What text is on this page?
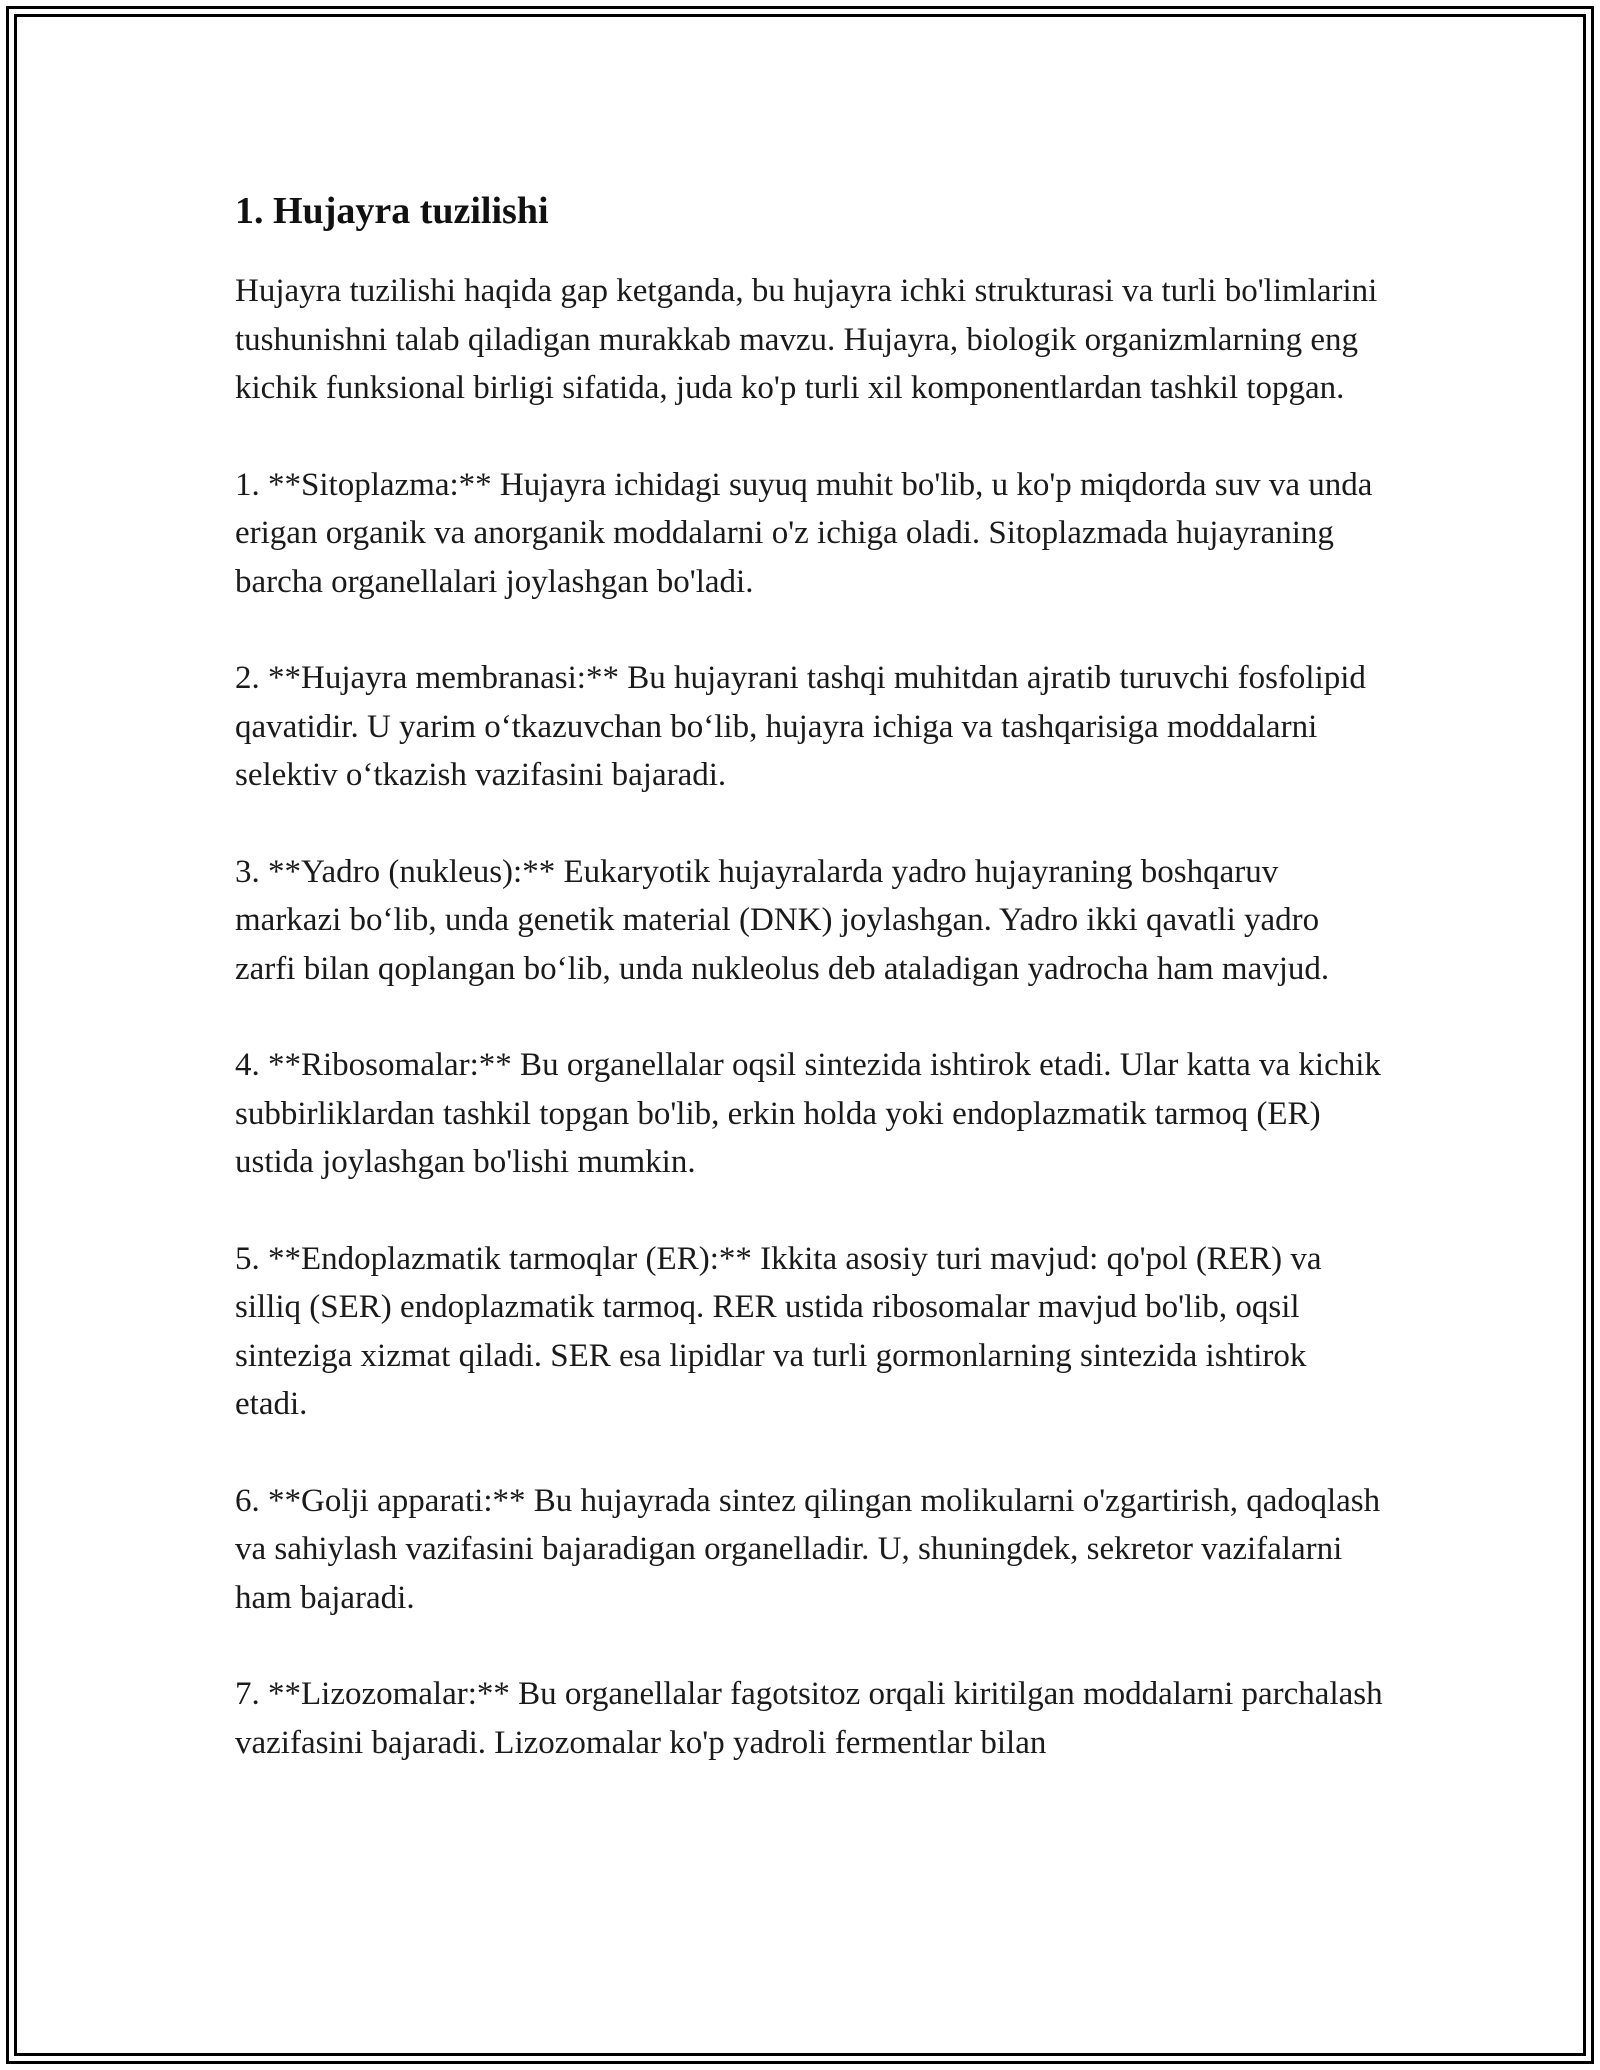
1. Hujayra tuzilishi

Hujayra tuzilishi haqida gap ketganda, bu hujayra ichki strukturasi va turli bo'limlarini tushunishni talab qiladigan murakkab mavzu. Hujayra, biologik organizmlarning eng kichik funksional birligi sifatida, juda ko'p turli xil komponentlardan tashkil topgan.

1. **Sitoplazma:** Hujayra ichidagi suyuq muhit bo'lib, u ko'p miqdorda suv va unda erigan organik va anorganik moddalarni o'z ichiga oladi. Sitoplazmada hujayraning barcha organellalari joylashgan bo'ladi.

2. **Hujayra membranasi:** Bu hujayrani tashqi muhitdan ajratib turuvchi fosfolipid qavatidir. U yarim o‘tkazuvchan bo‘lib, hujayra ichiga va tashqarisiga moddalarni selektiv o‘tkazish vazifasini bajaradi.

3. **Yadro (nukleus):** Eukaryotik hujayralarda yadro hujayraning boshqaruv markazi bo‘lib, unda genetik material (DNK) joylashgan. Yadro ikki qavatli yadro zarfi bilan qoplangan bo‘lib, unda nukleolus deb ataladigan yadrocha ham mavjud.

4. **Ribosomalar:** Bu organellalar oqsil sintezida ishtirok etadi. Ular katta va kichik subbirliklardan tashkil topgan bo'lib, erkin holda yoki endoplazmatik tarmoq (ER) ustida joylashgan bo'lishi mumkin.

5. **Endoplazmatik tarmoqlar (ER):** Ikkita asosiy turi mavjud: qo'pol (RER) va silliq (SER) endoplazmatik tarmoq. RER ustida ribosomalar mavjud bo'lib, oqsil sinteziga xizmat qiladi. SER esa lipidlar va turli gormonlarning sintezida ishtirok etadi.

6. **Golji apparati:** Bu hujayrada sintez qilingan molikularni o'zgartirish, qadoqlash va sahiylash vazifasini bajaradigan organelladir. U, shuningdek, sekretor vazifalarni ham bajaradi.

7. **Lizozomalar:** Bu organellalar fagotsitoz orqali kiritilgan moddalarni parchalash vazifasini bajaradi. Lizozomalar ko'p yadroli fermentlar bilan
